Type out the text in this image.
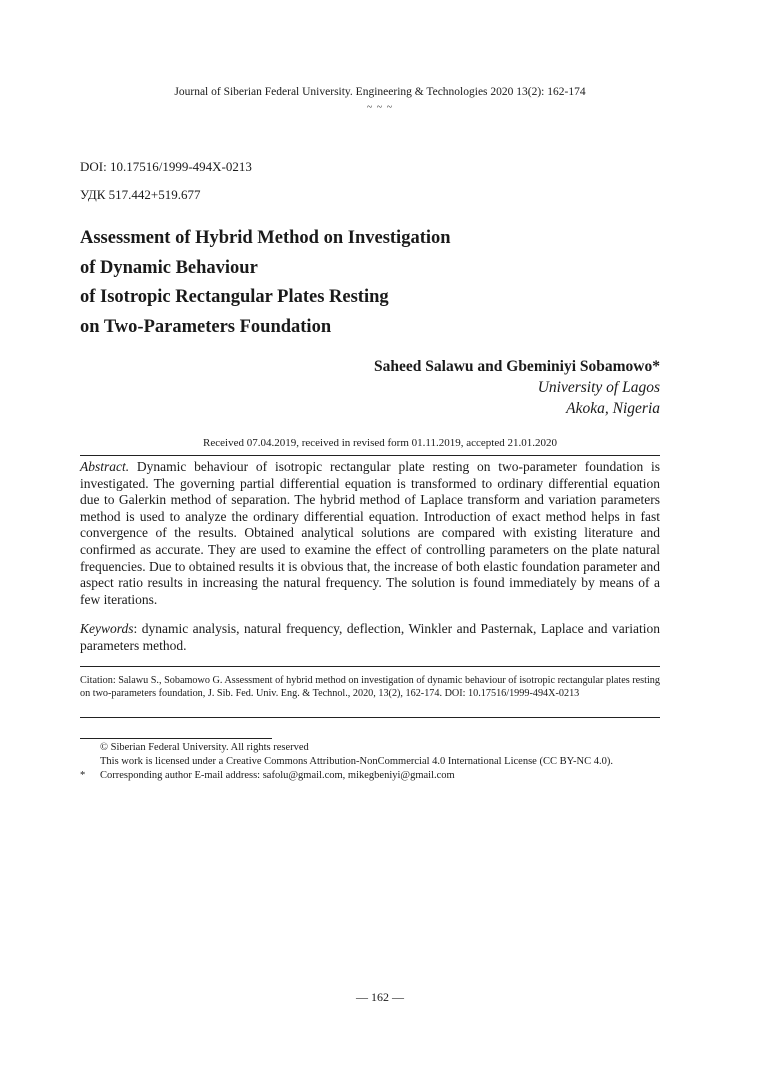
Journal of Siberian Federal University. Engineering & Technologies 2020 13(2): 162-174
~ ~ ~
DOI: 10.17516/1999-494X-0213
УДК 517.442+519.677
Assessment of Hybrid Method on Investigation
of Dynamic Behaviour
of Isotropic Rectangular Plates Resting
on Two-Parameters Foundation
Saheed Salawu and Gbeminiyi Sobamowo*
University of Lagos
Akoka, Nigeria
Received 07.04.2019, received in revised form 01.11.2019, accepted 21.01.2020
Abstract. Dynamic behaviour of isotropic rectangular plate resting on two-parameter foundation is investigated. The governing partial differential equation is transformed to ordinary differential equation due to Galerkin method of separation. The hybrid method of Laplace transform and variation parameters method is used to analyze the ordinary differential equation. Introduction of exact method helps in fast convergence of the results. Obtained analytical solutions are compared with existing literature and confirmed as accurate. They are used to examine the effect of controlling parameters on the plate natural frequencies. Due to obtained results it is obvious that, the increase of both elastic foundation parameter and aspect ratio results in increasing the natural frequency. The solution is found immediately by means of a few iterations.
Keywords: dynamic analysis, natural frequency, deflection, Winkler and Pasternak, Laplace and variation parameters method.
Citation: Salawu S., Sobamowo G. Assessment of hybrid method on investigation of dynamic behaviour of isotropic rectangular plates resting on two-parameters foundation, J. Sib. Fed. Univ. Eng. & Technol., 2020, 13(2), 162-174. DOI: 10.17516/1999-494X-0213
© Siberian Federal University. All rights reserved
This work is licensed under a Creative Commons Attribution-NonCommercial 4.0 International License (CC BY-NC 4.0).
* Corresponding author E-mail address: safolu@gmail.com, mikegbeniyi@gmail.com
— 162 —
